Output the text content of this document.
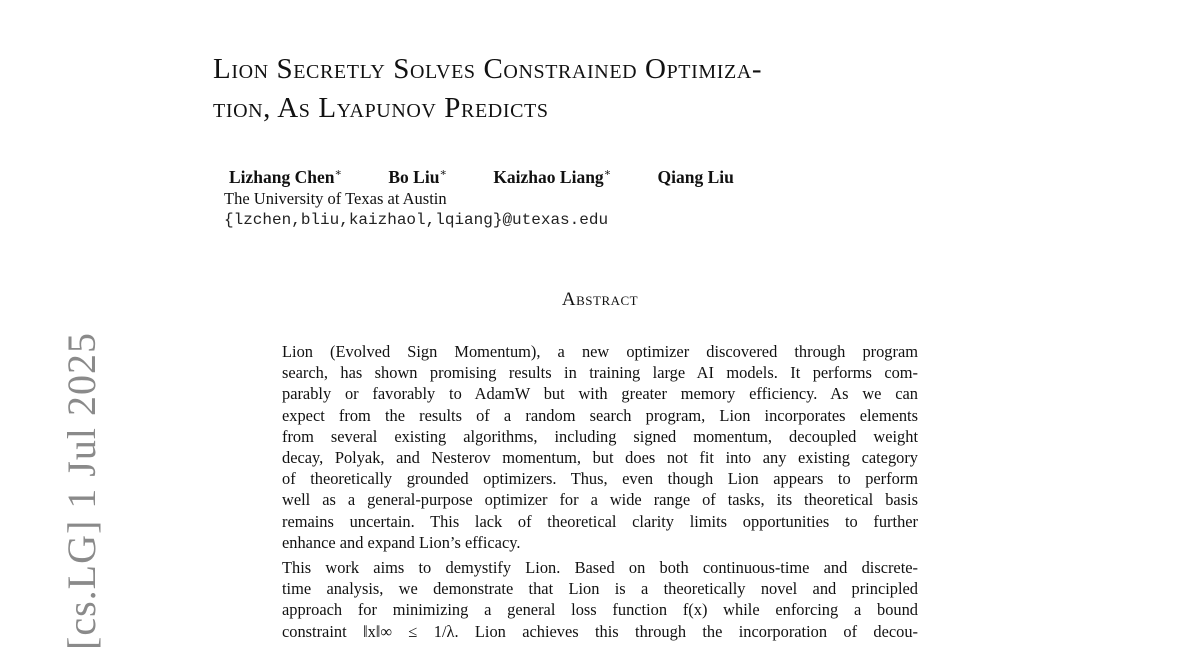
[cs.LG] 1 Jul 2025
Lion Secretly Solves Constrained Optimiza-
tion, As Lyapunov Predicts
Lizhang Chen∗	Bo Liu∗	Kaizhao Liang∗	Qiang Liu
The University of Texas at Austin
{lzchen,bliu,kaizhaol,lqiang}@utexas.edu
Abstract

Lion (Evolved Sign Momentum), a new optimizer discovered through program
search, has shown promising results in training large AI models. It performs com-
parably or favorably to AdamW but with greater memory efficiency. As we can
expect from the results of a random search program, Lion incorporates elements
from several existing algorithms, including signed momentum, decoupled weight
decay, Polyak, and Nesterov momentum, but does not fit into any existing category
of theoretically grounded optimizers. Thus, even though Lion appears to perform
well as a general-purpose optimizer for a wide range of tasks, its theoretical basis
remains uncertain. This lack of theoretical clarity limits opportunities to further
enhance and expand Lion’s efficacy.

This work aims to demystify Lion. Based on both continuous-time and discrete-
time analysis, we demonstrate that Lion is a theoretically novel and principled
approach for minimizing a general loss function f(x) while enforcing a bound
constraint ‖x‖∞ ≤ 1/λ. Lion achieves this through the incorporation of decou-
